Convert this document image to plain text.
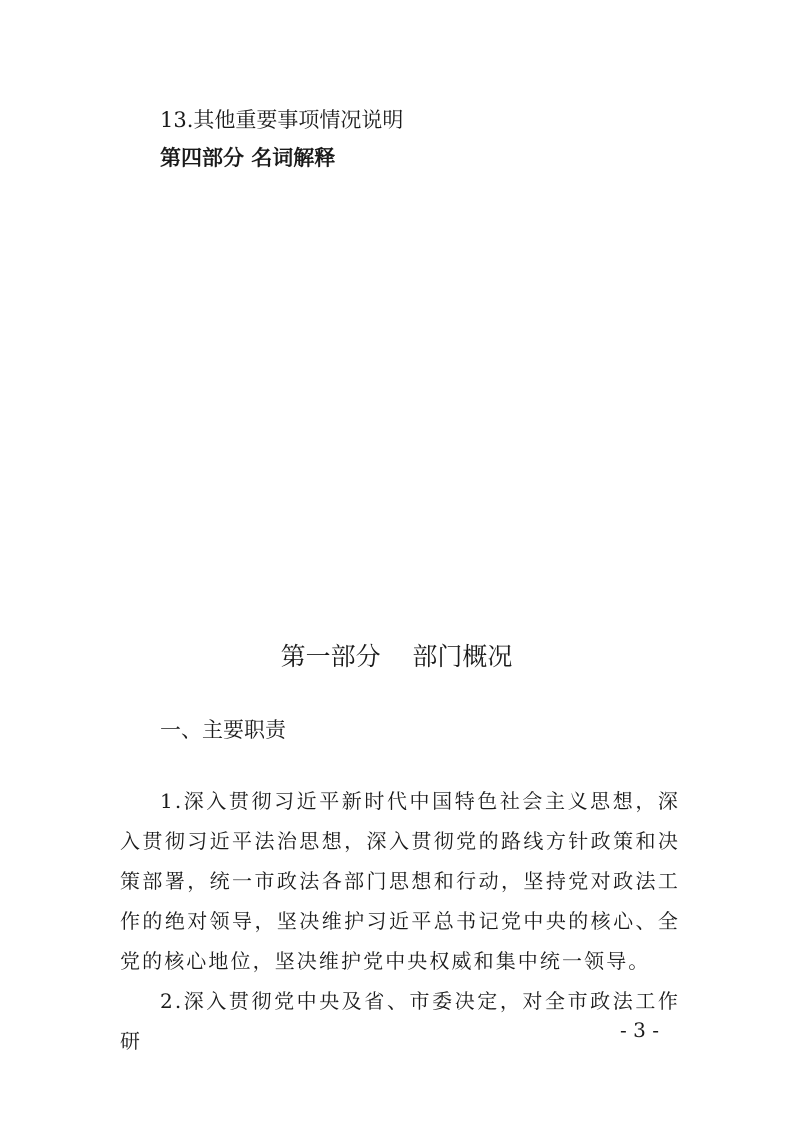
13.其他重要事项情况说明
第四部分 名词解释
第一部分    部门概况
一、主要职责

1.深入贯彻习近平新时代中国特色社会主义思想，深入贯彻习近平法治思想，深入贯彻党的路线方针政策和决策部署，统一市政法各部门思想和行动，坚持党对政法工作的绝对领导，坚决维护习近平总书记党中央的核心、全党的核心地位，坚决维护党中央权威和集中统一领导。

2.深入贯彻党中央及省、市委决定，对全市政法工作研	- 3 -
